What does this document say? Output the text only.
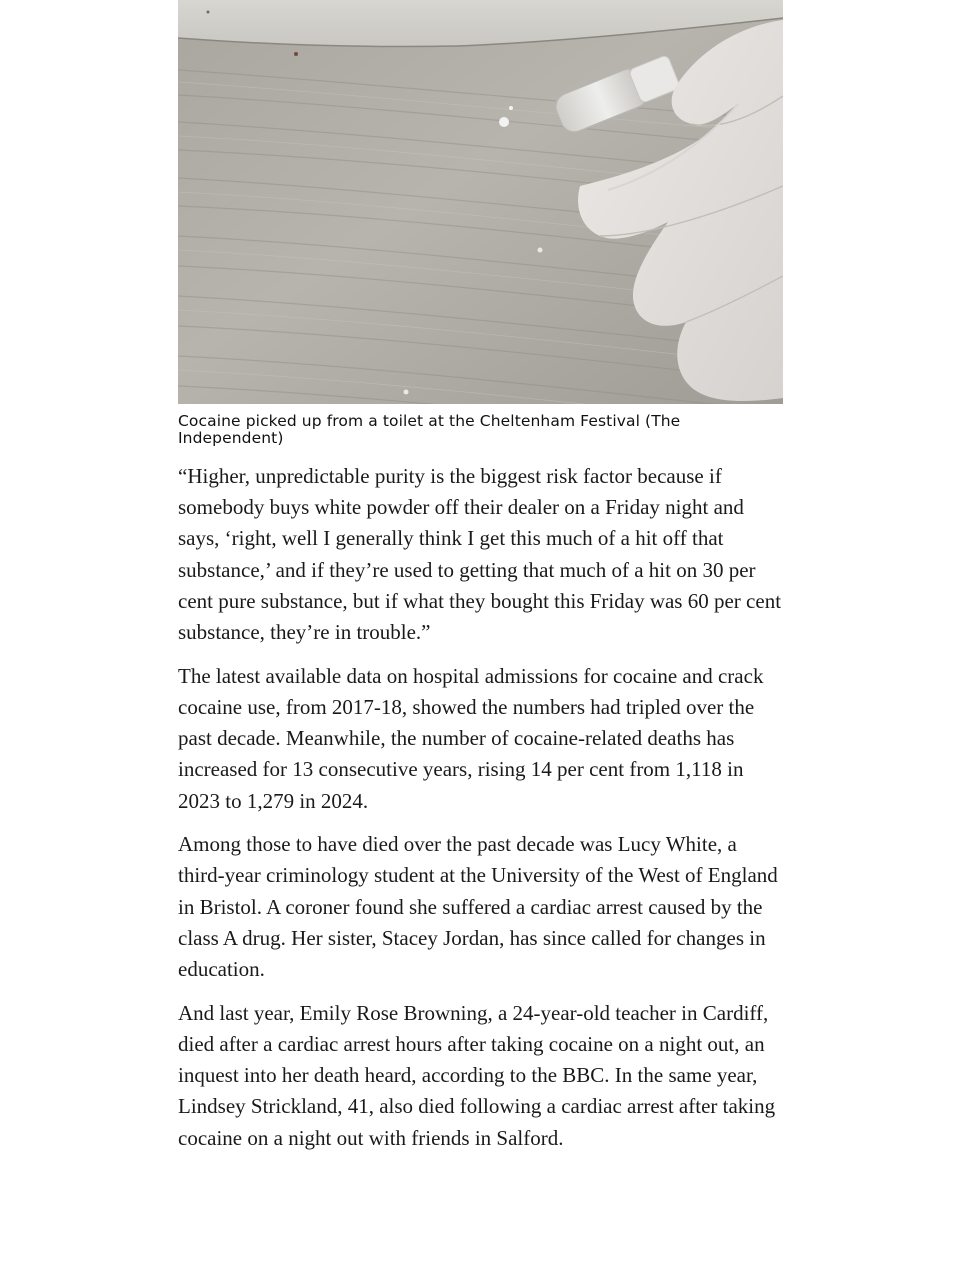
Cocaine picked up from a toilet at the Cheltenham Festival (The Independent)

“Higher, unpredictable purity is the biggest risk factor because if somebody buys white powder off their dealer on a Friday night and says, ‘right, well I generally think I get this much of a hit off that substance,’ and if they’re used to getting that much of a hit on 30 per cent pure substance, but if what they bought this Friday was 60 per cent substance, they’re in trouble.”

The latest available data on hospital admissions for cocaine and crack cocaine use, from 2017-18, showed the numbers had tripled over the past decade. Meanwhile, the number of cocaine-related deaths has increased for 13 consecutive years, rising 14 per cent from 1,118 in 2023 to 1,279 in 2024.

Among those to have died over the past decade was Lucy White, a third-year criminology student at the University of the West of England in Bristol. A coroner found she suffered a cardiac arrest caused by the class A drug. Her sister, Stacey Jordan, has since called for changes in education.

And last year, Emily Rose Browning, a 24-year-old teacher in Cardiff, died after a cardiac arrest hours after taking cocaine on a night out, an inquest into her death heard, according to the BBC. In the same year, Lindsey Strickland, 41, also died following a cardiac arrest after taking cocaine on a night out with friends in Salford.
